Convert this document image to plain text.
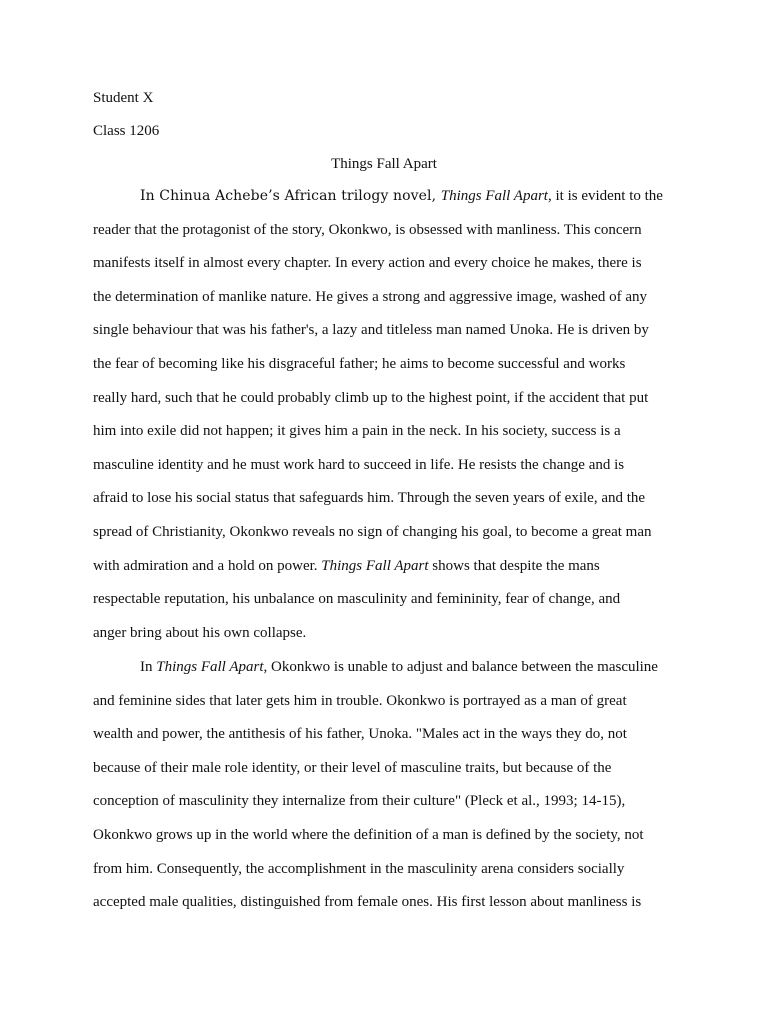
Student X
Class 1206
Things Fall Apart
In Chinua Achebe’s African trilogy novel, Things Fall Apart, it is evident to the
reader that the protagonist of the story, Okonkwo, is obsessed with manliness. This concern
manifests itself in almost every chapter. In every action and every choice he makes, there is
the determination of manlike nature. He gives a strong and aggressive image, washed of any
single behaviour that was his father's, a lazy and titleless man named Unoka. He is driven by
the fear of becoming like his disgraceful father; he aims to become successful and works
really hard, such that he could probably climb up to the highest point, if the accident that put
him into exile did not happen; it gives him a pain in the neck. In his society, success is a
masculine identity and he must work hard to succeed in life. He resists the change and is
afraid to lose his social status that safeguards him. Through the seven years of exile, and the
spread of Christianity, Okonkwo reveals no sign of changing his goal, to become a great man
with admiration and a hold on power. Things Fall Apart shows that despite the mans
respectable reputation, his unbalance on masculinity and femininity, fear of change, and
anger bring about his own collapse.
In Things Fall Apart, Okonkwo is unable to adjust and balance between the masculine
and feminine sides that later gets him in trouble. Okonkwo is portrayed as a man of great
wealth and power, the antithesis of his father, Unoka. "Males act in the ways they do, not
because of their male role identity, or their level of masculine traits, but because of the
conception of masculinity they internalize from their culture" (Pleck et al., 1993; 14-15),
Okonkwo grows up in the world where the definition of a man is defined by the society, not
from him. Consequently, the accomplishment in the masculinity arena considers socially
accepted male qualities, distinguished from female ones. His first lesson about manliness is
